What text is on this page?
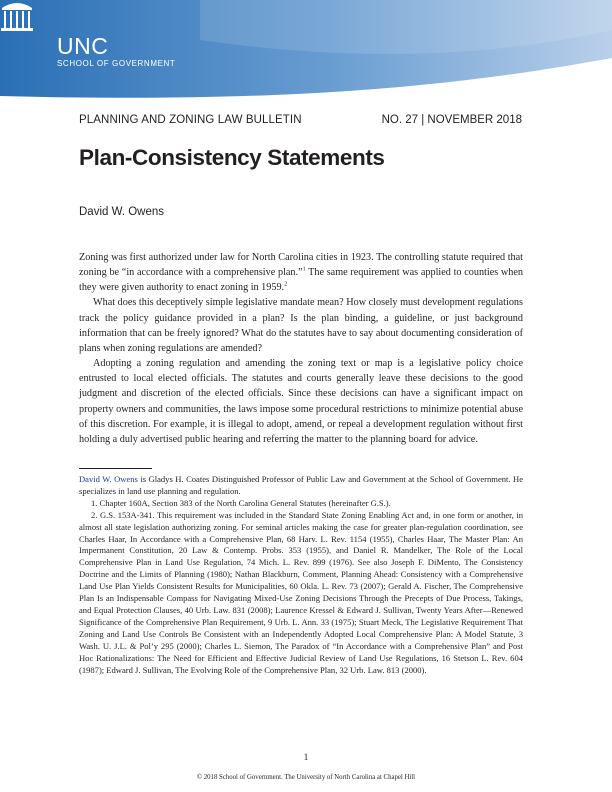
UNC
SCHOOL OF GOVERNMENT
PLANNING AND ZONING LAW BULLETIN	NO. 27 | NOVEMBER 2018
Plan-Consistency Statements
David W. Owens

Zoning was first authorized under law for North Carolina cities in 1923. The controlling statute required that zoning be “in accordance with a comprehensive plan.”$^1$ The same requirement was applied to counties when they were given authority to enact zoning in 1959.$^2$

What does this deceptively simple legislative mandate mean? How closely must development regulations track the policy guidance provided in a plan? Is the plan binding, a guideline, or just background information that can be freely ignored? What do the statutes have to say about documenting consideration of plans when zoning regulations are amended?

Adopting a zoning regulation and amending the zoning text or map is a legislative policy choice entrusted to local elected officials. The statutes and courts generally leave these decisions to the good judgment and discretion of the elected officials. Since these decisions can have a significant impact on property owners and communities, the laws impose some procedural restrictions to minimize potential abuse of this discretion. For example, it is illegal to adopt, amend, or repeal a development regulation without first holding a duly advertised public hearing and referring the matter to the planning board for advice.

David W. Owens is Gladys H. Coates Distinguished Professor of Public Law and Government at the School of Government. He specializes in land use planning and regulation.

1. Chapter 160A, Section 383 of the North Carolina General Statutes (hereinafter G.S.).

2. G.S. 153A-341. This requirement was included in the Standard State Zoning Enabling Act and, in one form or another, in almost all state legislation authorizing zoning. For seminal articles making the case for greater plan-regulation coordination, see Charles Haar, In Accordance with a Comprehensive Plan, 68 Harv. L. Rev. 1154 (1955), Charles Haar, The Master Plan: An Impermanent Constitution, 20 Law & Contemp. Probs. 353 (1955), and Daniel R. Mandelker, The Role of the Local Comprehensive Plan in Land Use Regulation, 74 Mich. L. Rev. 899 (1976). See also Joseph F. DiMento, The Consistency Doctrine and the Limits of Planning (1980); Nathan Blackburn, Comment, Planning Ahead: Consistency with a Comprehensive Land Use Plan Yields Consistent Results for Municipalities, 60 Okla. L. Rev. 73 (2007); Gerald A. Fischer, The Comprehensive Plan Is an Indispensable Compass for Navigating Mixed-Use Zoning Decisions Through the Precepts of Due Process, Takings, and Equal Protection Clauses, 40 Urb. Law. 831 (2008); Laurence Kressel & Edward J. Sullivan, Twenty Years After—Renewed Significance of the Comprehensive Plan Requirement, 9 Urb. L. Ann. 33 (1975); Stuart Meck, The Legislative Requirement That Zoning and Land Use Controls Be Consistent with an Independently Adopted Local Comprehensive Plan: A Model Statute, 3 Wash. U. J.L. & Pol’y 295 (2000); Charles L. Siemon, The Paradox of “In Accordance with a Comprehensive Plan” and Post Hoc Rationalizations: The Need for Efficient and Effective Judicial Review of Land Use Regulations, 16 Stetson L. Rev. 604 (1987); Edward J. Sullivan, The Evolving Role of the Comprehensive Plan, 32 Urb. Law. 813 (2000).

1
© 2018 School of Government. The University of North Carolina at Chapel Hill
